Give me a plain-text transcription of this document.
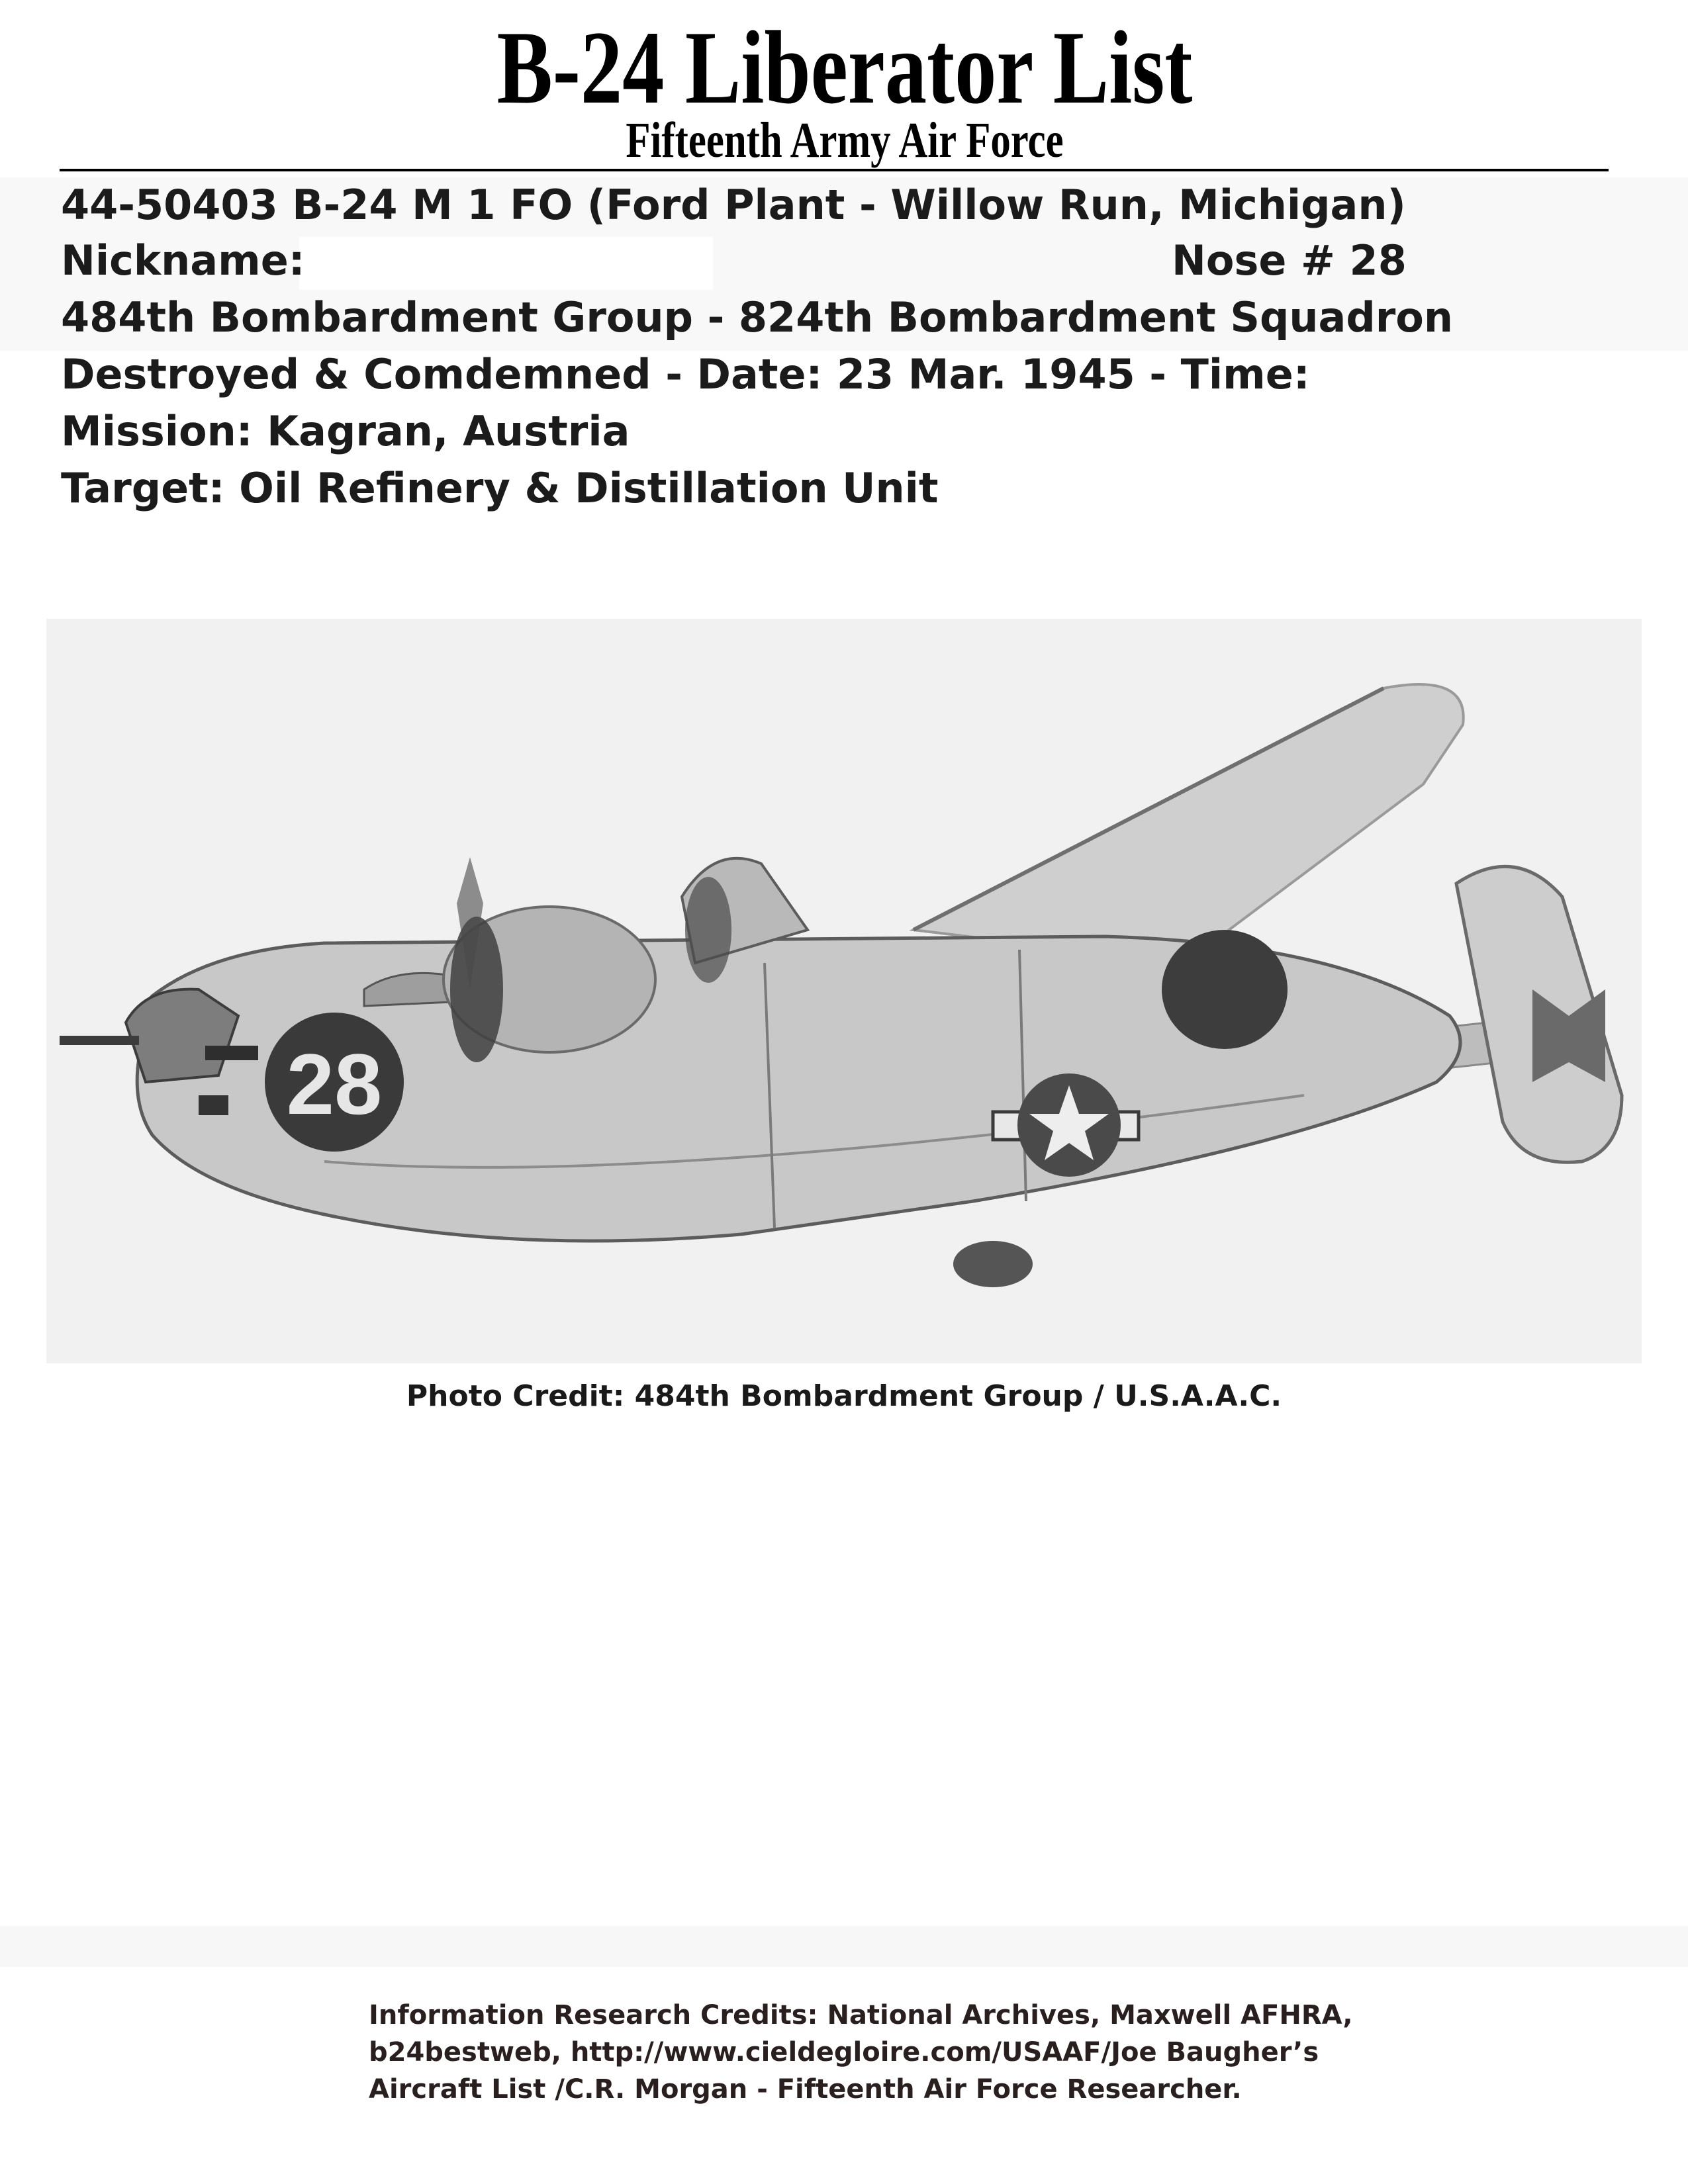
B-24 Liberator List
Fifteenth Army Air Force
44-50403 B-24 M 1 FO (Ford Plant - Willow Run, Michigan)
Nickname:	Nose # 28
484th Bombardment Group - 824th Bombardment Squadron
Destroyed & Comdemned - Date: 23 Mar. 1945 - Time:
Mission: Kagran, Austria
Target: Oil Refinery & Distillation Unit
28
Photo Credit: 484th Bombardment Group / U.S.A.A.C.
Information Research Credits: National Archives, Maxwell AFHRA,
b24bestweb, http://www.cieldegloire.com/USAAF/Joe Baugher’s
Aircraft List /C.R. Morgan - Fifteenth Air Force Researcher.
